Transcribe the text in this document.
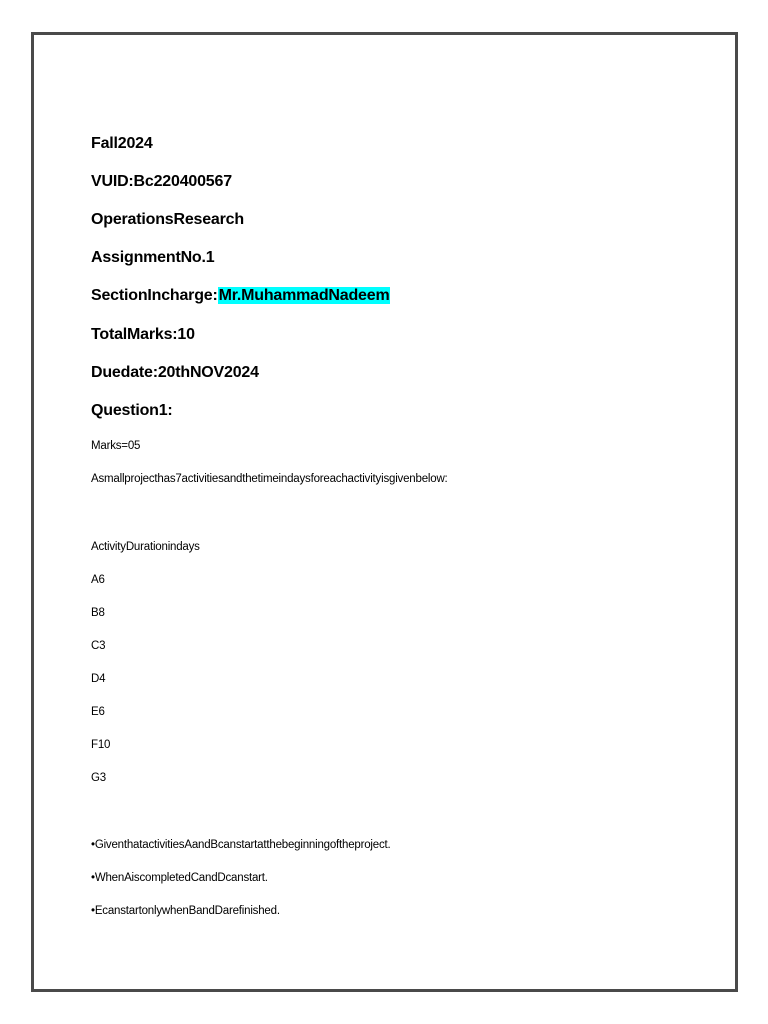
Fall2024
VUID:Bc220400567
OperationsResearch
AssignmentNo.1
SectionIncharge:Mr.MuhammadNadeem
TotalMarks:10
Duedate:20thNOV2024
Question1:
Marks=05
Asmallprojecthas7activitiesandthetimeindaysforeachactivityisgivenbelow:
ActivityDurationindays
A6
B8
C3
D4
E6
F10
G3
•GiventhatactivitiesAandBcanstartatthebeginningoftheproject.
•WhenAiscompletedCandDcanstart.
•EcanstartonlywhenBandDarefinished.
